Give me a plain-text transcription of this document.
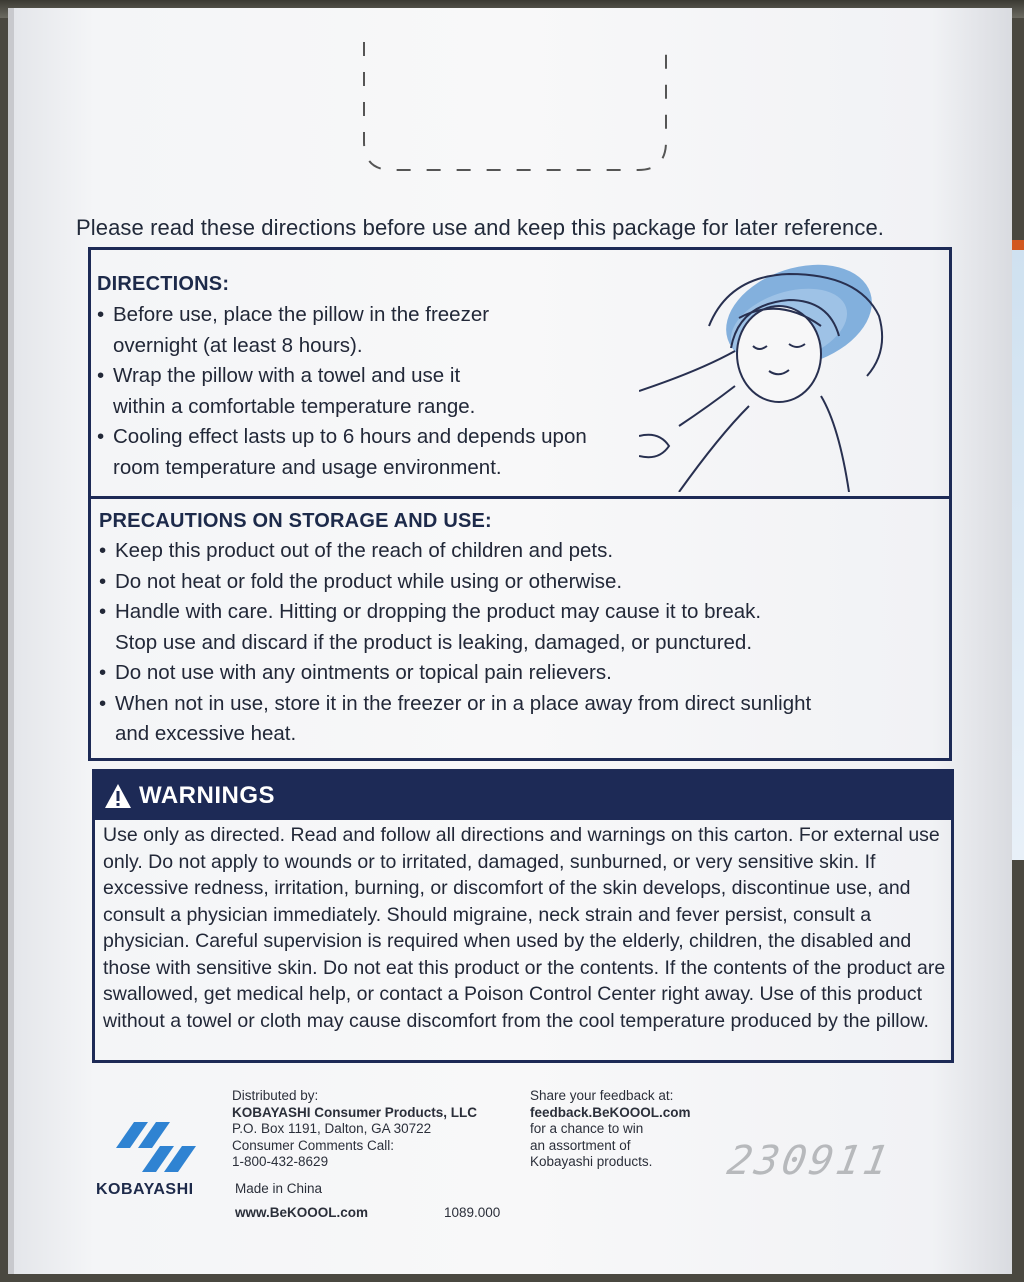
Please read these directions before use and keep this package for later reference.
DIRECTIONS:
• Before use, place the pillow in the freezer
overnight (at least 8 hours).
• Wrap the pillow with a towel and use it
within a comfortable temperature range.
• Cooling effect lasts up to 6 hours and depends upon
room temperature and usage environment.
PRECAUTIONS ON STORAGE AND USE:
• Keep this product out of the reach of children and pets.
• Do not heat or fold the product while using or otherwise.
• Handle with care. Hitting or dropping the product may cause it to break.
Stop use and discard if the product is leaking, damaged, or punctured.
• Do not use with any ointments or topical pain relievers.
• When not in use, store it in the freezer or in a place away from direct sunlight
and excessive heat.
WARNINGS

Use only as directed. Read and follow all directions and warnings on this carton. For external use only. Do not apply to wounds or to irritated, damaged, sunburned, or very sensitive skin. If excessive redness, irritation, burning, or discomfort of the skin develops, discontinue use, and consult a physician immediately. Should migraine, neck strain and fever persist, consult a physician. Careful supervision is required when used by the elderly, children, the disabled and those with sensitive skin. Do not eat this product or the contents. If the contents of the product are swallowed, get medical help, or contact a Poison Control Center right away. Use of this product without a towel or cloth may cause discomfort from the cool temperature produced by the pillow.

KOBAYASHI
Distributed by:
KOBAYASHI Consumer Products, LLC
P.O. Box 1191, Dalton, GA 30722
Consumer Comments Call:
1-800-432-8629
Made in China
www.BeKOOOL.com	1089.000
Share your feedback at:
feedback.BeKOOOL.com
for a chance to win
an assortment of
Kobayashi products.	230911
